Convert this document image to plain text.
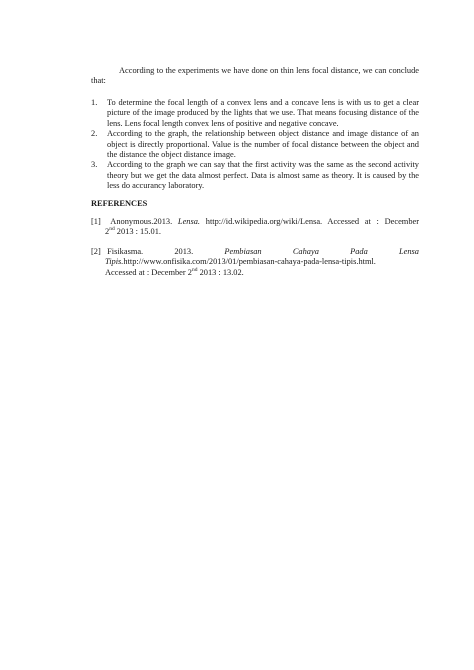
According to the experiments we have done on thin lens focal distance, we can conclude that:

1. To determine the focal length of a convex lens and a concave lens is with us to get a clear picture of the image produced by the lights that we use. That means focusing distance of the lens. Lens focal length convex lens of positive and negative concave.
2. According to the graph, the relationship between object distance and image distance of an object is directly proportional. Value is the number of focal distance between the object and the distance the object distance image.
3. According to the graph we can say that the first activity was the same as the second activity theory but we get the data almost perfect. Data is almost same as theory. It is caused by the less do accurancy laboratory.
REFERENCES
[1] Anonymous.2013. Lensa. http://id.wikipedia.org/wiki/Lensa. Accessed at : December
2nd 2013 : 15.01.
[2] Fisikasma.	2013.	Pembiasan	Cahaya	Pada	Lensa
Tipis.http://www.onfisika.com/2013/01/pembiasan-cahaya-pada-lensa-tipis.html.
Accessed at : December 2nd 2013 : 13.02.
